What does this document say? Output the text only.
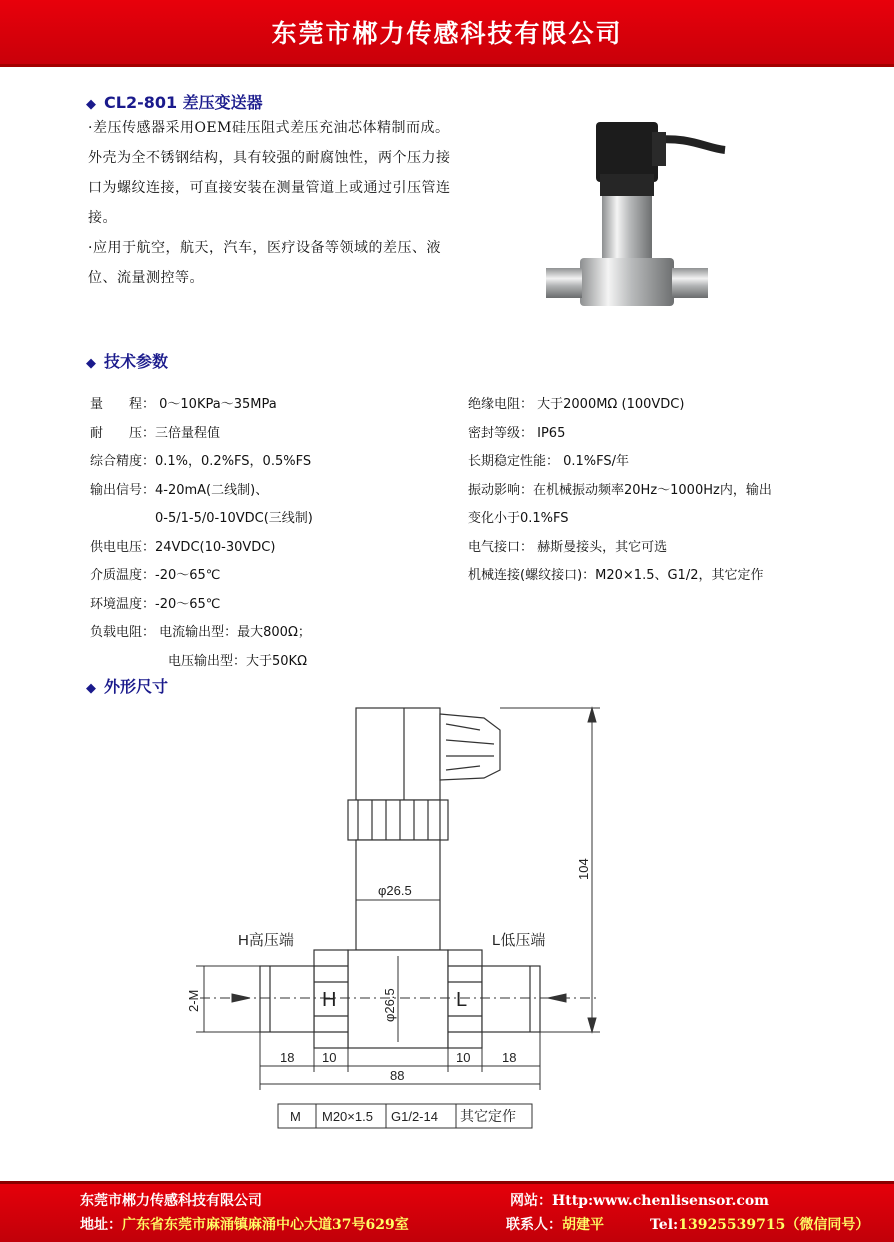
东莞市郴力传感科技有限公司
◆ CL2-801 差压变送器

·差压传感器采用OEM硅压阻式差压充油芯体精制而成。外壳为全不锈钢结构，具有较强的耐腐蚀性，两个压力接口为螺纹连接，可直接安装在测量管道上或通过引压管连接。

·应用于航空，航天，汽车，医疗设备等领域的差压、液位、流量测控等。

◆ 技术参数
量　　程： 0～10KPa～35MPa
耐　　压：三倍量程值
综合精度：0.1%，0.2%FS，0.5%FS
输出信号：4-20mA(二线制)、
　　　　　0-5/1-5/0-10VDC(三线制)
供电电压：24VDC(10-30VDC)
介质温度：-20～65℃
环境温度：-20～65℃
负载电阻： 电流输出型：最大800Ω；
　　　　　　电压输出型：大于50KΩ
绝缘电阻： 大于2000MΩ (100VDC)
密封等级： IP65
长期稳定性能： 0.1%FS/年
振动影响：在机械振动频率20Hz～1000Hz内，输出
变化小于0.1%FS
电气接口： 赫斯曼接头，其它可选
机械连接(螺纹接口)：M20×1.5、G1/2，其它定作
◆ 外形尺寸
H高压端	L低压端
H	L
φ26.5
φ26.5
104
2-M
18 10	10 18
88
M M20×1.5 G1/2-14 其它定作
东莞市郴力传感科技有限公司	网站：Http:www.chenlisensor.com
地址：广东省东莞市麻涌镇麻涌中心大道37号629室	联系人：胡建平	Tel:13925539715（微信同号）
